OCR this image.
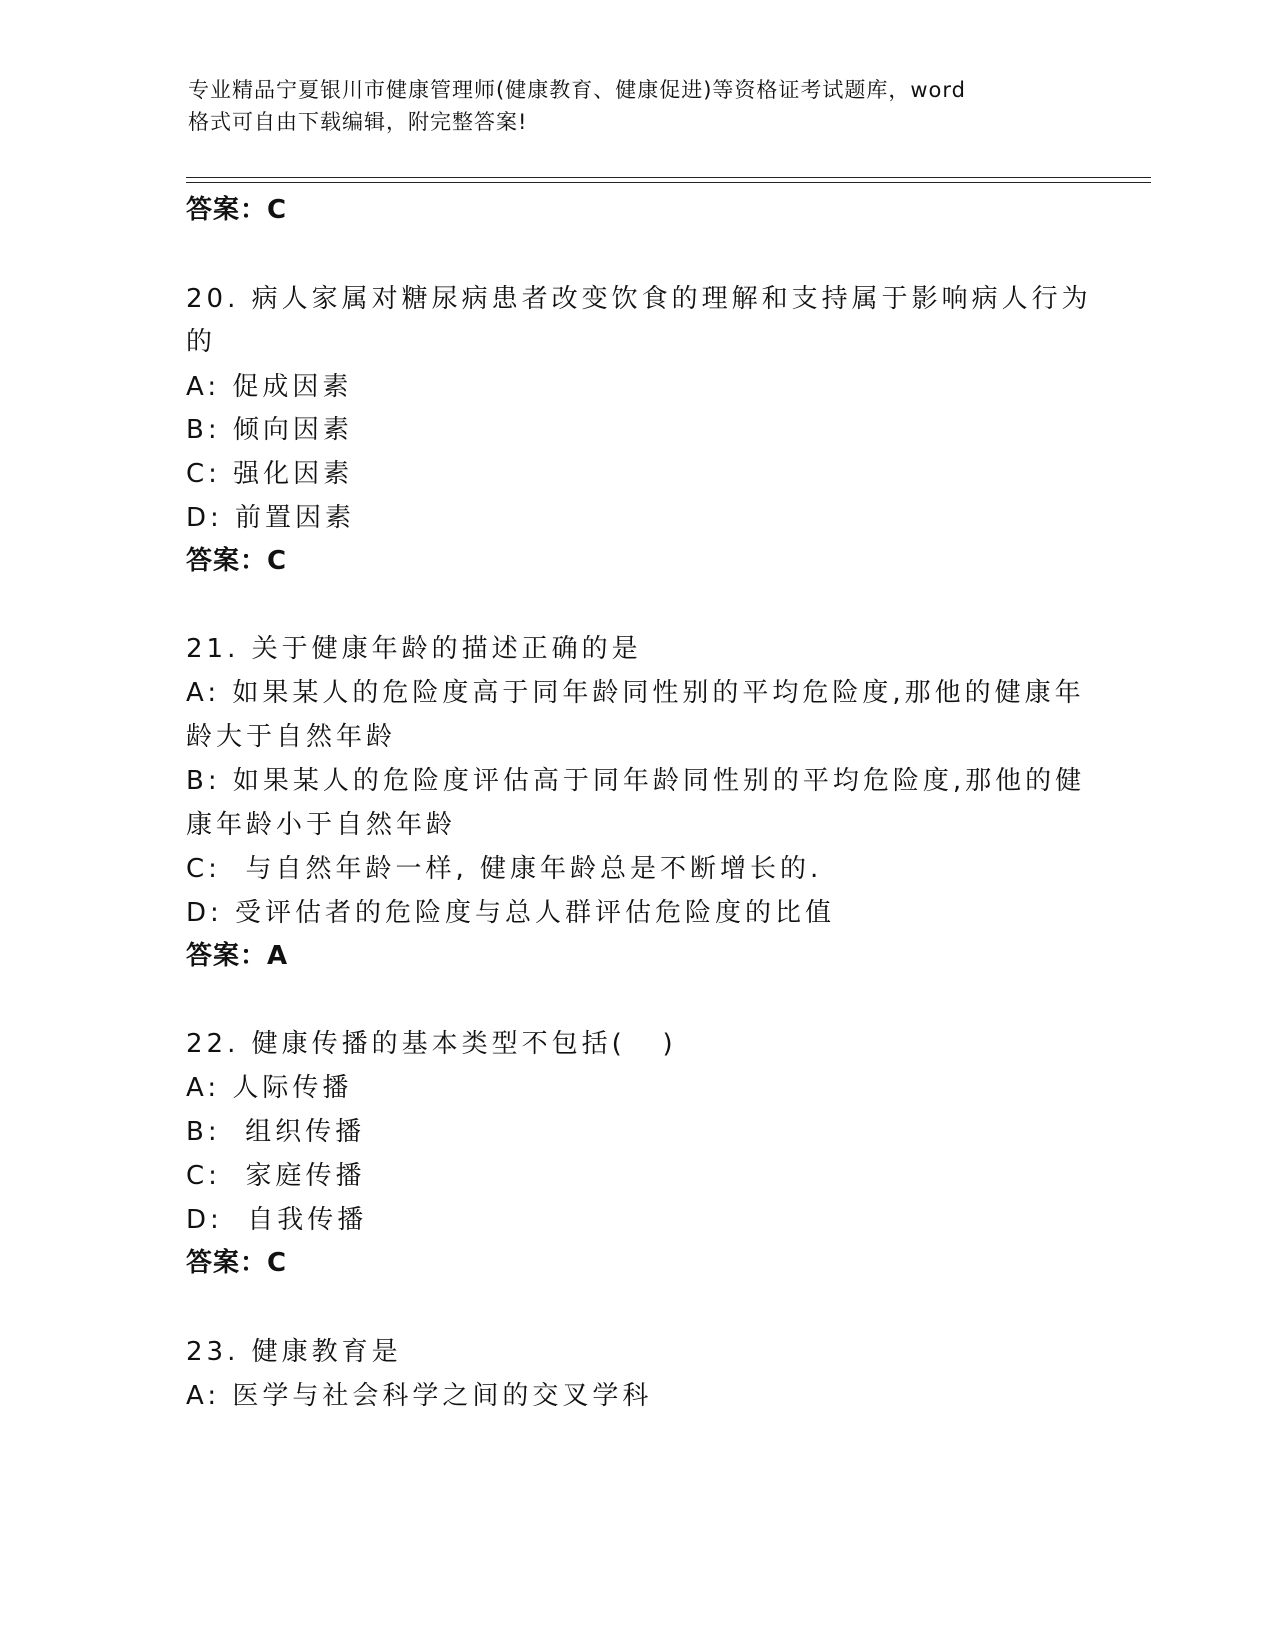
专业精品宁夏银川市健康管理师(健康教育、健康促进)等资格证考试题库，word
格式可自由下载编辑，附完整答案!
答案：C
20. 病人家属对糖尿病患者改变饮食的理解和支持属于影响病人行为
的
A: 促成因素
B: 倾向因素
C: 强化因素
D: 前置因素
答案：C
21. 关于健康年龄的描述正确的是
A: 如果某人的危险度高于同年龄同性别的平均危险度,那他的健康年
龄大于自然年龄
B: 如果某人的危险度评估高于同年龄同性别的平均危险度,那他的健
康年龄小于自然年龄
C:  与自然年龄一样, 健康年龄总是不断增长的.
D: 受评估者的危险度与总人群评估危险度的比值
答案：A
22. 健康传播的基本类型不包括(   )
A: 人际传播
B:  组织传播
C:  家庭传播
D:  自我传播
答案：C
23. 健康教育是
A: 医学与社会科学之间的交叉学科
